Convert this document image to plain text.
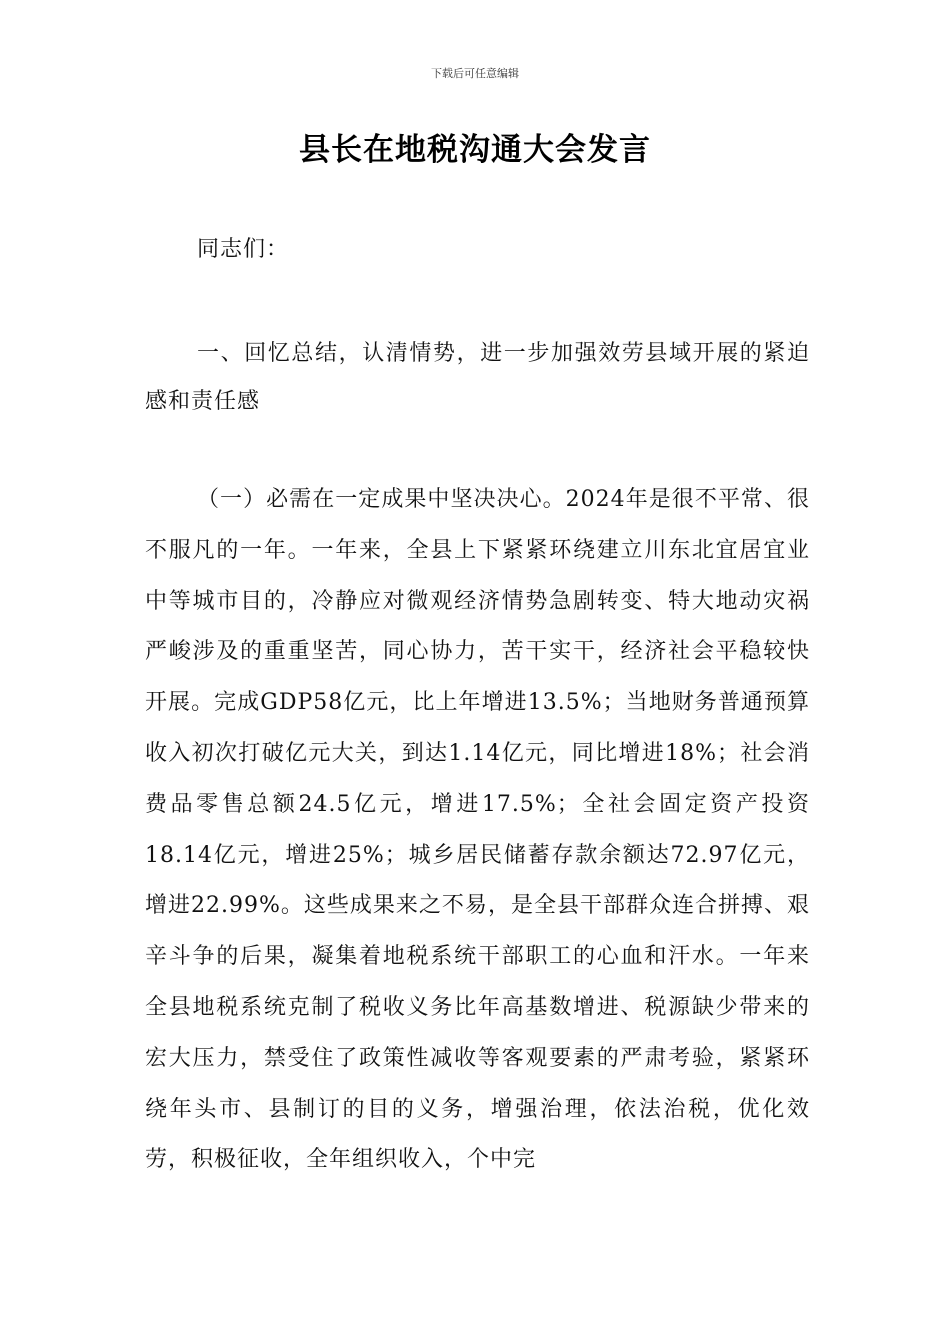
下载后可任意编辑
县长在地税沟通大会发言
同志们：
一、回忆总结，认清情势，进一步加强效劳县域开展的紧迫感和责任感
（一）必需在一定成果中坚决决心。2024年是很不平常、很不服凡的一年。一年来，全县上下紧紧环绕建立川东北宜居宜业中等城市目的，冷静应对微观经济情势急剧转变、特大地动灾祸严峻涉及的重重坚苦，同心协力，苦干实干，经济社会平稳较快开展。完成GDP58亿元，比上年增进13.5%；当地财务普通预算收入初次打破亿元大关，到达1.14亿元，同比增进18%；社会消费品零售总额24.5亿元，增进17.5%；全社会固定资产投资18.14亿元，增进25%；城乡居民储蓄存款余额达72.97亿元，增进22.99%。这些成果来之不易，是全县干部群众连合拼搏、艰辛斗争的后果，凝集着地税系统干部职工的心血和汗水。一年来全县地税系统克制了税收义务比年高基数增进、税源缺少带来的宏大压力，禁受住了政策性减收等客观要素的严肃考验，紧紧环绕年头市、县制订的目的义务，增强治理，依法治税，优化效劳，积极征收，全年组织收入，个中完
